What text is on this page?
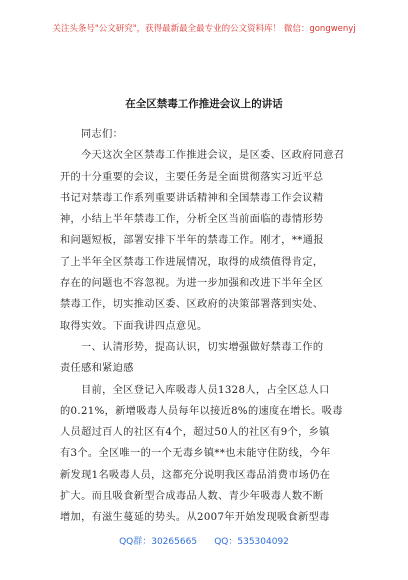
关注头条号"公文研究"，获得最新最全最专业的公文资料库！ 微信：gongwenyj
在全区禁毒工作推进会议上的讲话
同志们：
今天这次全区禁毒工作推进会议，是区委、区政府同意召
开的十分重要的会议，主要任务是全面贯彻落实习近平总
书记对禁毒工作系列重要讲话精神和全国禁毒工作会议精
神，小结上半年禁毒工作，分析全区当前面临的毒情形势
和问题短板，部署安排下半年的禁毒工作。刚才，**通报
了上半年全区禁毒工作进展情况，取得的成绩值得肯定，
存在的问题也不容忽视。为进一步加强和改进下半年全区
禁毒工作，切实推动区委、区政府的决策部署落到实处、
取得实效。下面我讲四点意见。
一、认清形势，提高认识，切实增强做好禁毒工作的
责任感和紧迫感
目前，全区登记入库吸毒人员1328人，占全区总人口
的0.21%，新增吸毒人员每年以接近8%的速度在增长。吸毒
人员超过百人的社区有4个，超过50人的社区有9个，乡镇
有3个。全区唯一的一个无毒乡镇**也未能守住防线，今年
新发现1名吸毒人员，这都充分说明我区毒品消费市场仍在
扩大。而且吸食新型合成毒品人数、青少年吸毒人数不断
增加，有滋生蔓延的势头。从2007年开始发现吸食新型毒
QQ群：30265665      QQ：535304092
